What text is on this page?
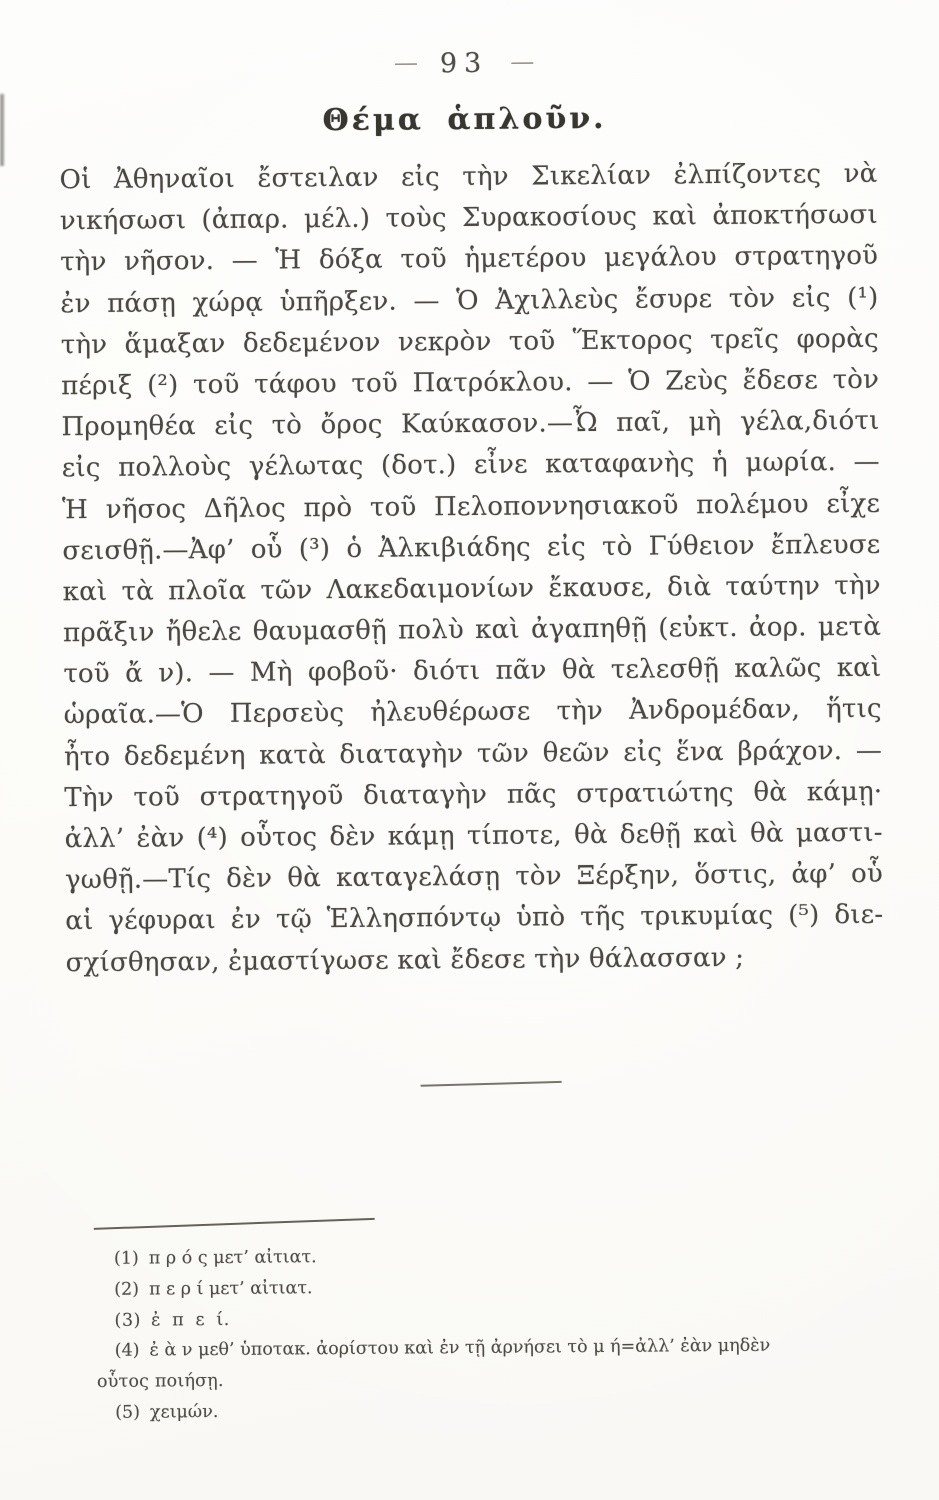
— 93 —
Θέμα ἁπλοῦν.
Οἱ Ἀθηναῖοι ἔστειλαν εἰς τὴν Σικελίαν ἐλπίζοντες νὰ
νικήσωσι (ἀπαρ. μέλ.) τοὺς Συρακοσίους καὶ ἀποκτήσωσι
τὴν νῆσον. — Ἡ δόξα τοῦ ἡμετέρου μεγάλου στρατηγοῦ
ἐν πάσῃ χώρᾳ ὑπῆρξεν. — Ὁ Ἀχιλλεὺς ἔσυρε τὸν εἰς (¹)
τὴν ἅμαξαν δεδεμένον νεκρὸν τοῦ Ἕκτορος τρεῖς φορὰς
πέριξ (²) τοῦ τάφου τοῦ Πατρόκλου. — Ὁ Ζεὺς ἔδεσε τὸν
Προμηθέα εἰς τὸ ὄρος Καύκασον.—Ὦ παῖ, μὴ γέλα,διότι
εἰς πολλοὺς γέλωτας (δοτ.) εἶνε καταφανὴς ἡ μωρία. —
Ἡ νῆσος Δῆλος πρὸ τοῦ Πελοποννησιακοῦ πολέμου εἶχε
σεισθῇ.—Ἀφ’ οὗ (³) ὁ Ἀλκιβιάδης εἰς τὸ Γύθειον ἔπλευσε
καὶ τὰ πλοῖα τῶν Λακεδαιμονίων ἔκαυσε, διὰ ταύτην τὴν
πρᾶξιν ἤθελε θαυμασθῇ πολὺ καὶ ἀγαπηθῇ (εὐκτ. ἀορ. μετὰ
τοῦ ἄ ν). — Μὴ φοβοῦ· διότι πᾶν θὰ τελεσθῇ καλῶς καὶ
ὡραῖα.—Ὁ Περσεὺς ἠλευθέρωσε τὴν Ἀνδρομέδαν, ἥτις
ἦτο δεδεμένη κατὰ διαταγὴν τῶν θεῶν εἰς ἕνα βράχον. —
Τὴν τοῦ στρατηγοῦ διαταγὴν πᾶς στρατιώτης θὰ κάμῃ·
ἀλλ’ ἐὰν (⁴) οὗτος δὲν κάμῃ τίποτε, θὰ δεθῇ καὶ θὰ μαστι-
γωθῇ.—Τίς δὲν θὰ καταγελάσῃ τὸν Ξέρξην, ὅστις, ἀφ’ οὗ
αἱ γέφυραι ἐν τῷ Ἑλλησπόντῳ ὑπὸ τῆς τρικυμίας (⁵) διε-
σχίσθησαν, ἐμαστίγωσε καὶ ἔδεσε τὴν θάλασσαν ;
(1) π ρ ό ς μετ’ αἰτιατ.
(2) π ε ρ ί μετ’ αἰτιατ.
(3) ἐ π ε ί.
(4) ἐ ὰ ν μεθ’ ὑποτακ. ἀορίστου καὶ ἐν τῇ ἀρνήσει τὸ μ ή=ἀλλ’ ἐὰν μηδὲν
οὗτος ποιήσῃ.
(5) χειμών.
